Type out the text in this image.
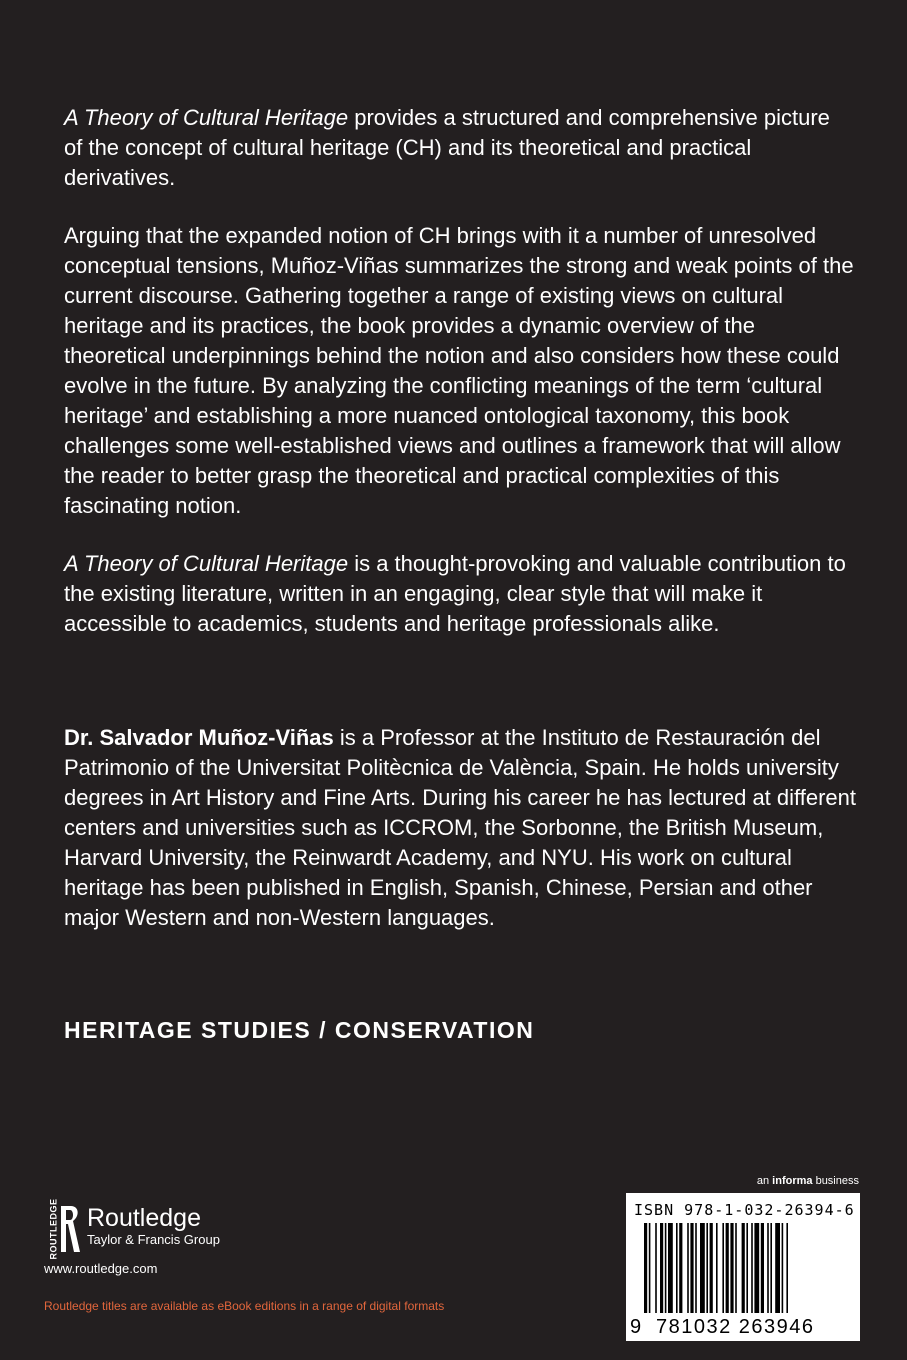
A Theory of Cultural Heritage provides a structured and comprehensive picture of the concept of cultural heritage (CH) and its theoretical and practical derivatives.

Arguing that the expanded notion of CH brings with it a number of unresolved conceptual tensions, Muñoz-Viñas summarizes the strong and weak points of the current discourse. Gathering together a range of existing views on cultural heritage and its practices, the book provides a dynamic overview of the theoretical underpinnings behind the notion and also considers how these could evolve in the future. By analyzing the conflicting meanings of the term ‘cultural heritage’ and establishing a more nuanced ontological taxonomy, this book challenges some well-established views and outlines a framework that will allow the reader to better grasp the theoretical and practical complexities of this fascinating notion.

A Theory of Cultural Heritage is a thought-provoking and valuable contribution to the existing literature, written in an engaging, clear style that will make it accessible to academics, students and heritage professionals alike.

Dr. Salvador Muñoz-Viñas is a Professor at the Instituto de Restauración del Patrimonio of the Universitat Politècnica de València, Spain. He holds university degrees in Art History and Fine Arts. During his career he has lectured at different centers and universities such as ICCROM, the Sorbonne, the British Museum, Harvard University, the Reinwardt Academy, and NYU. His work on cultural heritage has been published in English, Spanish, Chinese, Persian and other major Western and non-Western languages.

HERITAGE STUDIES / CONSERVATION
ROUTLEDGE Routledge
Taylor & Francis Group
www.routledge.com
Routledge titles are available as eBook editions in a range of digital formats
an informa business
ISBN 978-1-032-26394-6
9 781032 263946
